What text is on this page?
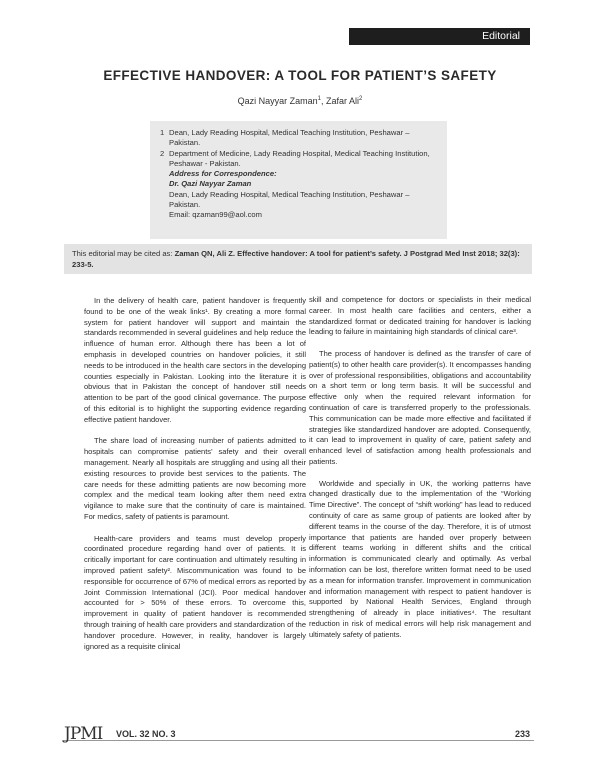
Editorial
EFFECTIVE HANDOVER: A TOOL FOR PATIENT’S SAFETY
Qazi Nayyar Zaman$^1$, Zafar Ali$^2$
1 Dean, Lady Reading Hospital, Medical Teaching Institution, Peshawar – Pakistan.
2 Department of Medicine, Lady Reading Hospital, Medical Teaching Institution, Peshawar - Pakistan.
Address for Correspondence:
Dr. Qazi Nayyar Zaman
Dean, Lady Reading Hospital, Medical Teaching Institution, Peshawar – Pakistan.
Email: qzaman99@aol.com
This editorial may be cited as: Zaman QN, Ali Z. Effective handover: A tool for patient’s safety. J Postgrad Med Inst 2018; 32(3): 233-5.

In the delivery of health care, patient handover is frequently found to be one of the weak links¹. By creating a more formal system for patient handover will support and maintain the standards recommended in several guidelines and help reduce the influence of human error. Although there has been a lot of emphasis in developed countries on handover policies, it still needs to be introduced in the health care sectors in the developing counties especially in Pakistan. Looking into the literature it is obvious that in Pakistan the concept of handover still needs attention to be part of the good clinical governance. The purpose of this editorial is to highlight the supporting evidence regarding effective patient handover.

The share load of increasing number of patients admitted to hospitals can compromise patients’ safety and their overall management. Nearly all hospitals are struggling and using all their existing resources to provide best services to the patients. The care needs for these admitting patients are now becoming more complex and the medical team looking after them need extra vigilance to make sure that the continuity of care is maintained. For medics, safety of patients is paramount.

Health-care providers and teams must develop properly coordinated procedure regarding hand over of patients. It is critically important for care continuation and ultimately resulting in improved patient safety². Miscommunication was found to be responsible for occurrence of 67% of medical errors as reported by Joint Commission International (JCI). Poor medical handover accounted for > 50% of these errors. To overcome this, improvement in quality of patient handover is recommended through training of health care providers and standardization of the handover procedure. However, in reality, handover is largely ignored as a requisite clinical

skill and competence for doctors or specialists in their medical career. In most health care facilities and centers, either a standardized format or dedicated training for handover is lacking leading to failure in maintaining high standards of clinical care³.

The process of handover is defined as the transfer of care of patient(s) to other health care provider(s). It encompasses handing over of professional responsibilities, obligations and accountability on a short term or long term basis. It will be successful and effective only when the required relevant information for continuation of care is transferred properly to the professionals. This communication can be made more effective and facilitated if strategies like standardized handover are adopted. Consequently, it can lead to improvement in quality of care, patient safety and enhanced level of satisfaction among health professionals and patients.

Worldwide and specially in UK, the working patterns have changed drastically due to the implementation of the “Working Time Directive”. The concept of “shift working” has lead to reduced continuity of care as same group of patients are looked after by different teams in the course of the day. Therefore, it is of utmost importance that patients are handed over properly between different teams working in different shifts and the critical information is communicated clearly and optimally. As verbal information can be lost, therefore written format need to be used as a mean for information transfer. Improvement in communication and information management with respect to patient handover is supported by National Health Services, England through strengthening of already in place initiatives⁴. The resultant reduction in risk of medical errors will help risk management and ultimately safety of patients.

JPMI VOL. 32 NO. 3	233
